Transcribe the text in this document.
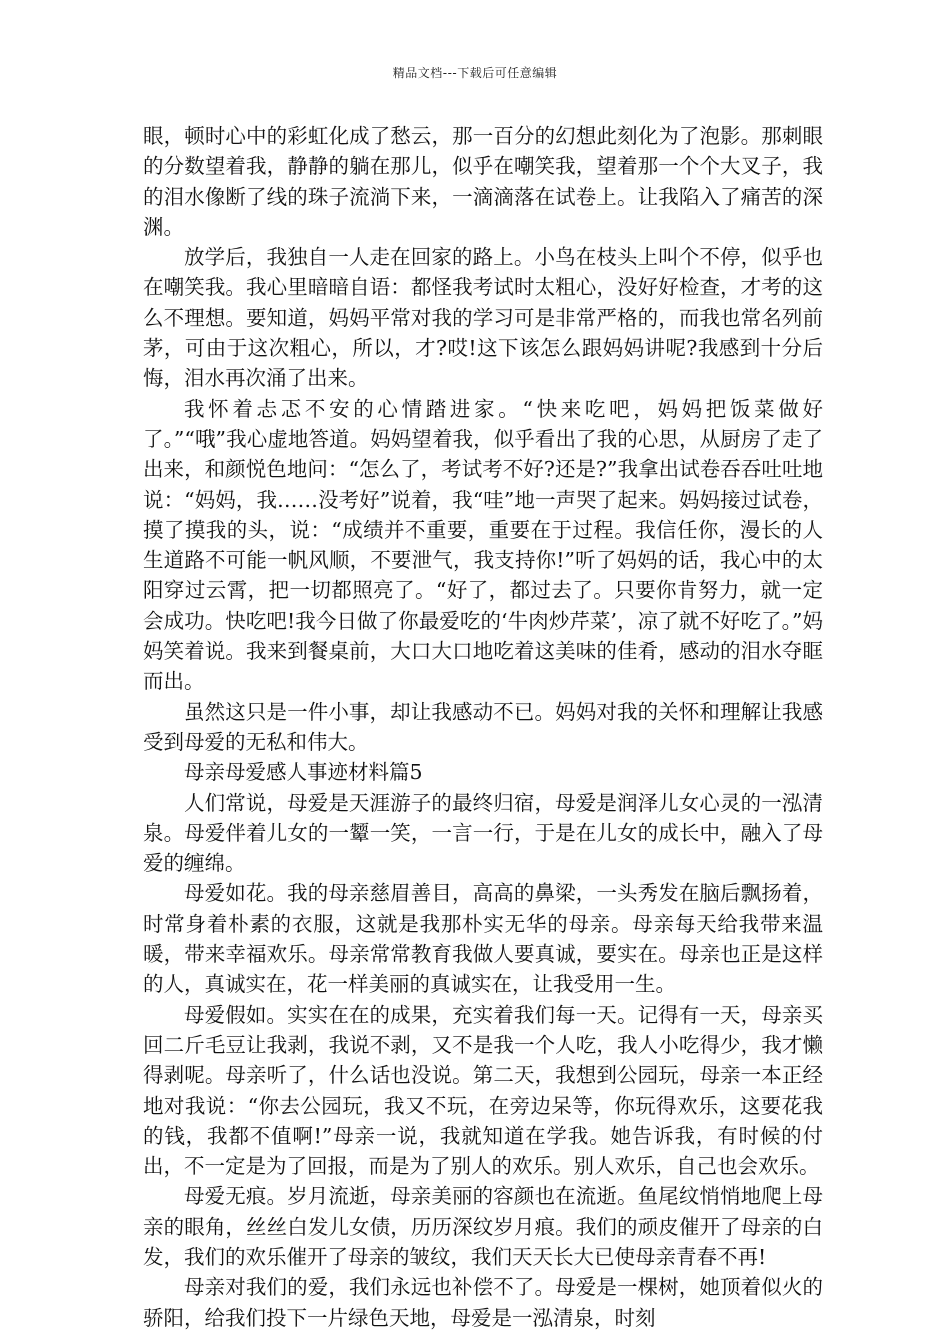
精品文档---下载后可任意编辑

眼，顿时心中的彩虹化成了愁云，那一百分的幻想此刻化为了泡影。那刺眼的分数望着我，静静的躺在那儿，似乎在嘲笑我，望着那一个个大叉子，我的泪水像断了线的珠子流淌下来，一滴滴落在试卷上。让我陷入了痛苦的深渊。

放学后，我独自一人走在回家的路上。小鸟在枝头上叫个不停，似乎也在嘲笑我。我心里暗暗自语：都怪我考试时太粗心，没好好检查，才考的这么不理想。要知道，妈妈平常对我的学习可是非常严格的，而我也常名列前茅，可由于这次粗心，所以，才?哎!这下该怎么跟妈妈讲呢?我感到十分后悔，泪水再次涌了出来。

我怀着忐忑不安的心情踏进家。“快来吃吧，妈妈把饭菜做好了。”“哦”我心虚地答道。妈妈望着我，似乎看出了我的心思，从厨房了走了出来，和颜悦色地问：“怎么了，考试考不好?还是?”我拿出试卷吞吞吐吐地说：“妈妈，我……没考好”说着，我“哇”地一声哭了起来。妈妈接过试卷，摸了摸我的头，说：“成绩并不重要，重要在于过程。我信任你，漫长的人生道路不可能一帆风顺，不要泄气，我支持你!”听了妈妈的话，我心中的太阳穿过云霄，把一切都照亮了。“好了，都过去了。只要你肯努力，就一定会成功。快吃吧!我今日做了你最爱吃的‘牛肉炒芹菜’，凉了就不好吃了。”妈妈笑着说。我来到餐桌前，大口大口地吃着这美味的佳肴，感动的泪水夺眶而出。

虽然这只是一件小事，却让我感动不已。妈妈对我的关怀和理解让我感受到母爱的无私和伟大。

母亲母爱感人事迹材料篇5

人们常说，母爱是天涯游子的最终归宿，母爱是润泽儿女心灵的一泓清泉。母爱伴着儿女的一颦一笑，一言一行，于是在儿女的成长中，融入了母爱的缠绵。

母爱如花。我的母亲慈眉善目，高高的鼻梁，一头秀发在脑后飘扬着，时常身着朴素的衣服，这就是我那朴实无华的母亲。母亲每天给我带来温暖，带来幸福欢乐。母亲常常教育我做人要真诚，要实在。母亲也正是这样的人，真诚实在，花一样美丽的真诚实在，让我受用一生。

母爱假如。实实在在的成果，充实着我们每一天。记得有一天，母亲买回二斤毛豆让我剥，我说不剥，又不是我一个人吃，我人小吃得少，我才懒得剥呢。母亲听了，什么话也没说。第二天，我想到公园玩，母亲一本正经地对我说：“你去公园玩，我又不玩，在旁边呆等，你玩得欢乐，这要花我的钱，我都不值啊!”母亲一说，我就知道在学我。她告诉我，有时候的付出，不一定是为了回报，而是为了别人的欢乐。别人欢乐，自己也会欢乐。

母爱无痕。岁月流逝，母亲美丽的容颜也在流逝。鱼尾纹悄悄地爬上母亲的眼角，丝丝白发儿女债，历历深纹岁月痕。我们的顽皮催开了母亲的白发，我们的欢乐催开了母亲的皱纹，我们天天长大已使母亲青春不再!

母亲对我们的爱，我们永远也补偿不了。母爱是一棵树，她顶着似火的骄阳，给我们投下一片绿色天地，母爱是一泓清泉，时刻
